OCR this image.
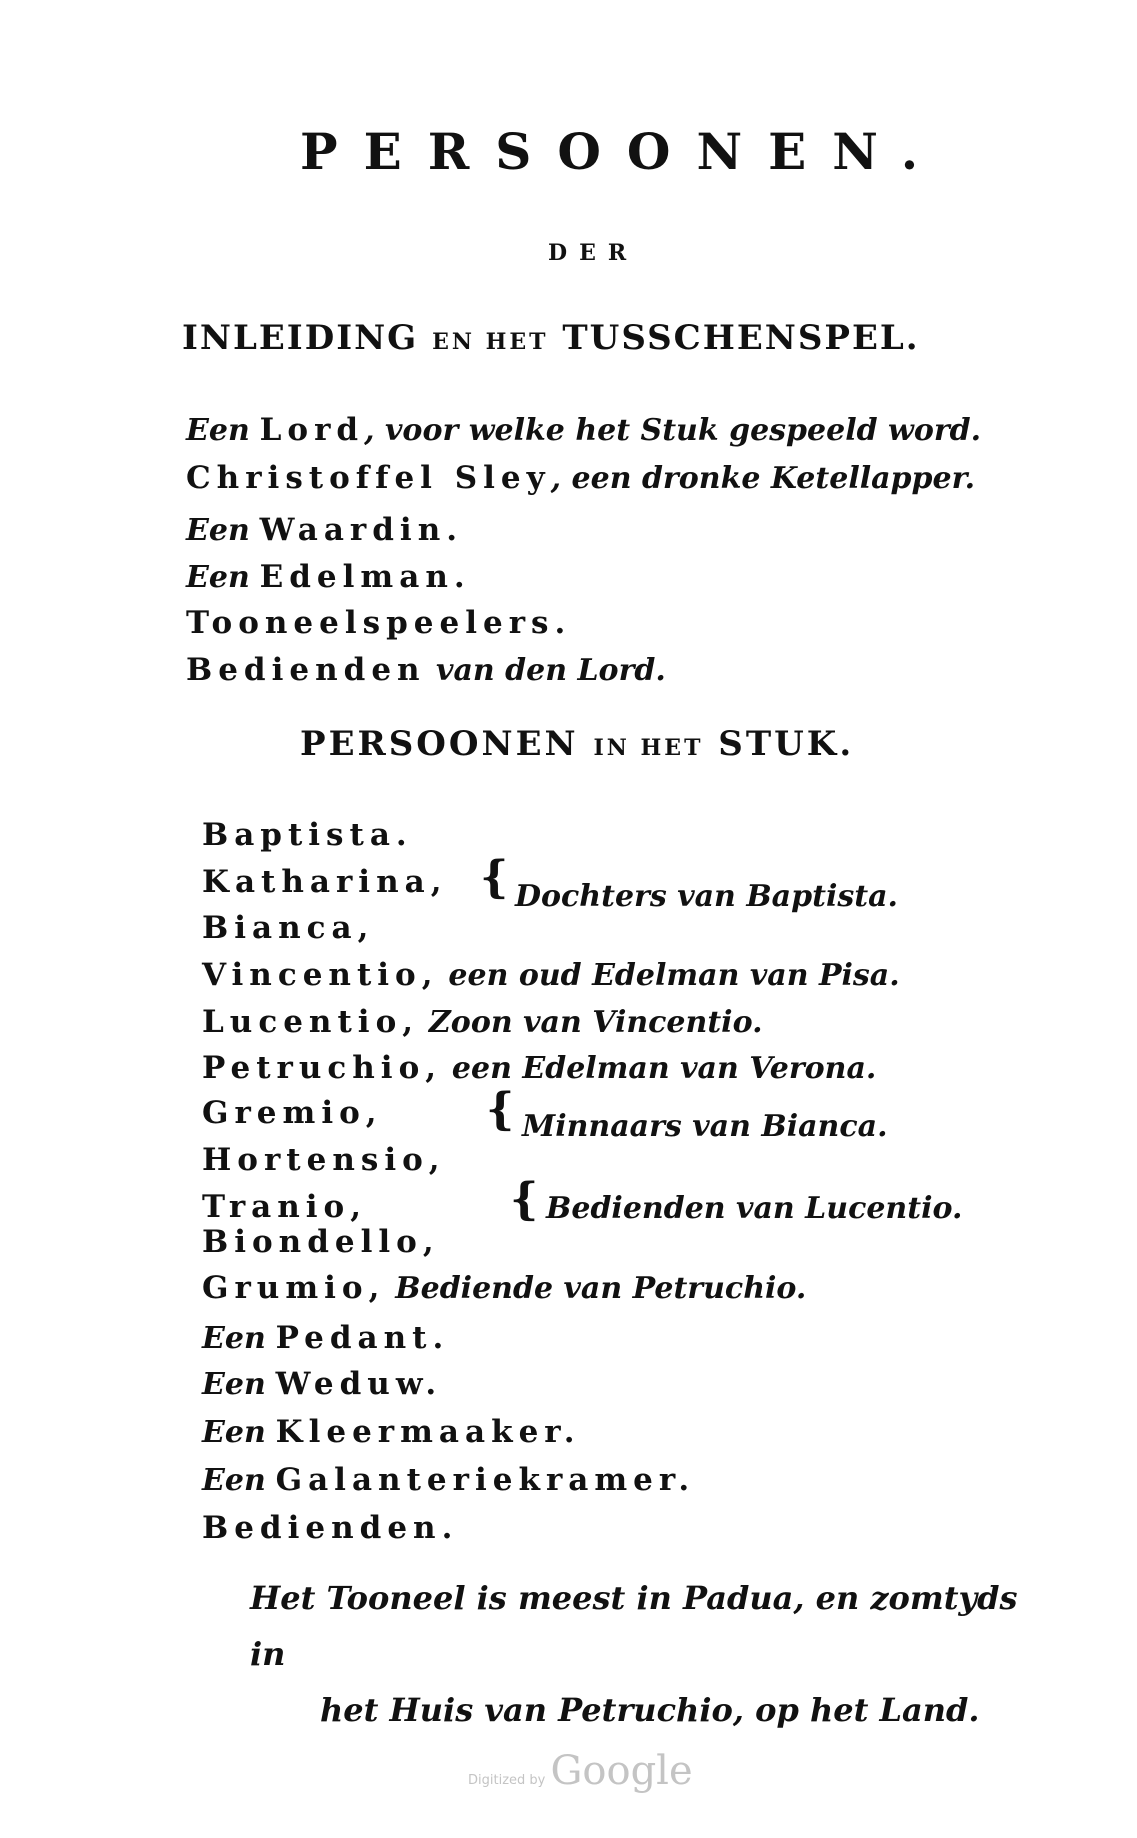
PERSOONEN.
DER
INLEIDING EN HET TUSSCHENSPEL.
Een Lord, voor welke het Stuk gespeeld word.
Christoffel Sley, een dronke Ketellapper.
Een Waardin.
Een Edelman.
Tooneelspeelers.
Bedienden van den Lord.
PERSOONEN IN HET STUK.
Baptista.
Katharina,
Bianca,
{ Dochters van Baptista.
Vincentio, een oud Edelman van Pisa.
Lucentio, Zoon van Vincentio.
Petruchio, een Edelman van Verona.
Gremio,
Hortensio,
{ Minnaars van Bianca.
Tranio,
Biondello,
{ Bedienden van Lucentio.
Grumio, Bediende van Petruchio.
Een Pedant.
Een Weduw.
Een Kleermaaker.
Een Galanteriekramer.
Bedienden.
Het Tooneel is meest in Padua, en zomtyds in
het Huis van Petruchio, op het Land.
Digitized by Google
